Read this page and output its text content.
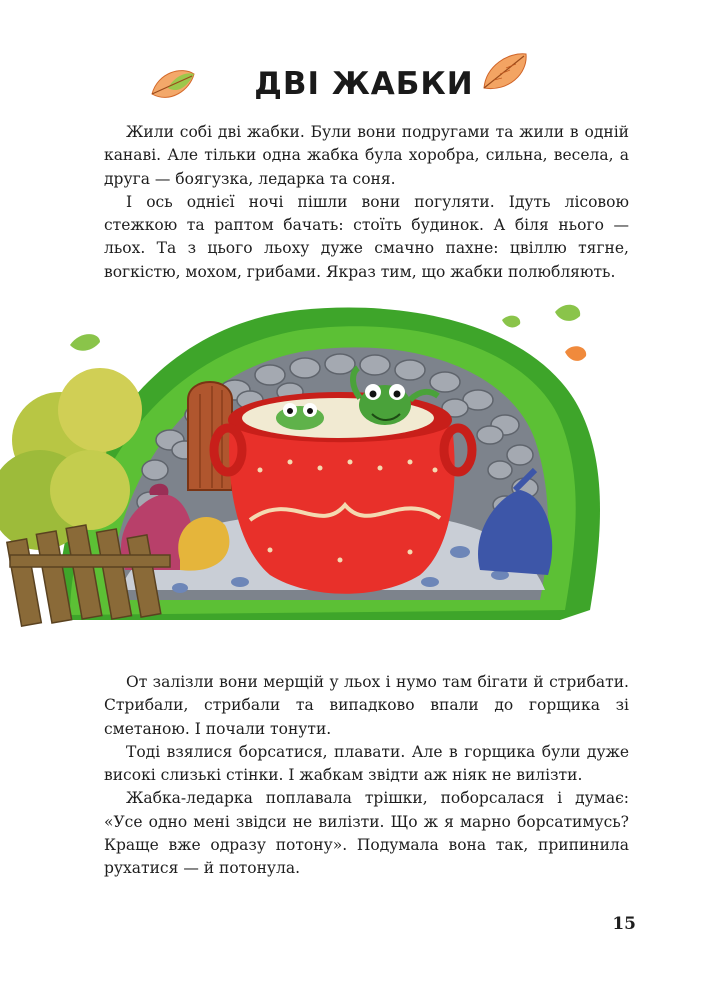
ДВІ ЖАБКИ

Жили собі дві жабки. Були вони подругами та жили в одній канаві. Але тільки одна жабка була хоробра, сильна, весела, а друга — боягузка, ледарка та соня.

І ось однієї ночі пішли вони погуляти. Ідуть лісовою стежкою та раптом бачать: стоїть будинок. А біля нього — льох. Та з цього льоху дуже смачно пахне: цвіллю тягне, вогкістю, мохом, грибами. Якраз тим, що жабки полюбляють.

От залізли вони мерщій у льох і нумо там бігати й стрибати. Стрибали, стрибали та випадково впали до горщика зі сметаною. І почали тонути.

Тоді взялися борсатися, плавати. Але в горщика були дуже високі слизькі стінки. І жабкам звідти аж ніяк не вилізти.

Жабка-ледарка поплавала трішки, поборсалася і думає: «Усе одно мені звідси не вилізти. Що ж я марно борсатимусь? Краще вже одразу потону». Подумала вона так, припинила рухатися — й потонула.

15
